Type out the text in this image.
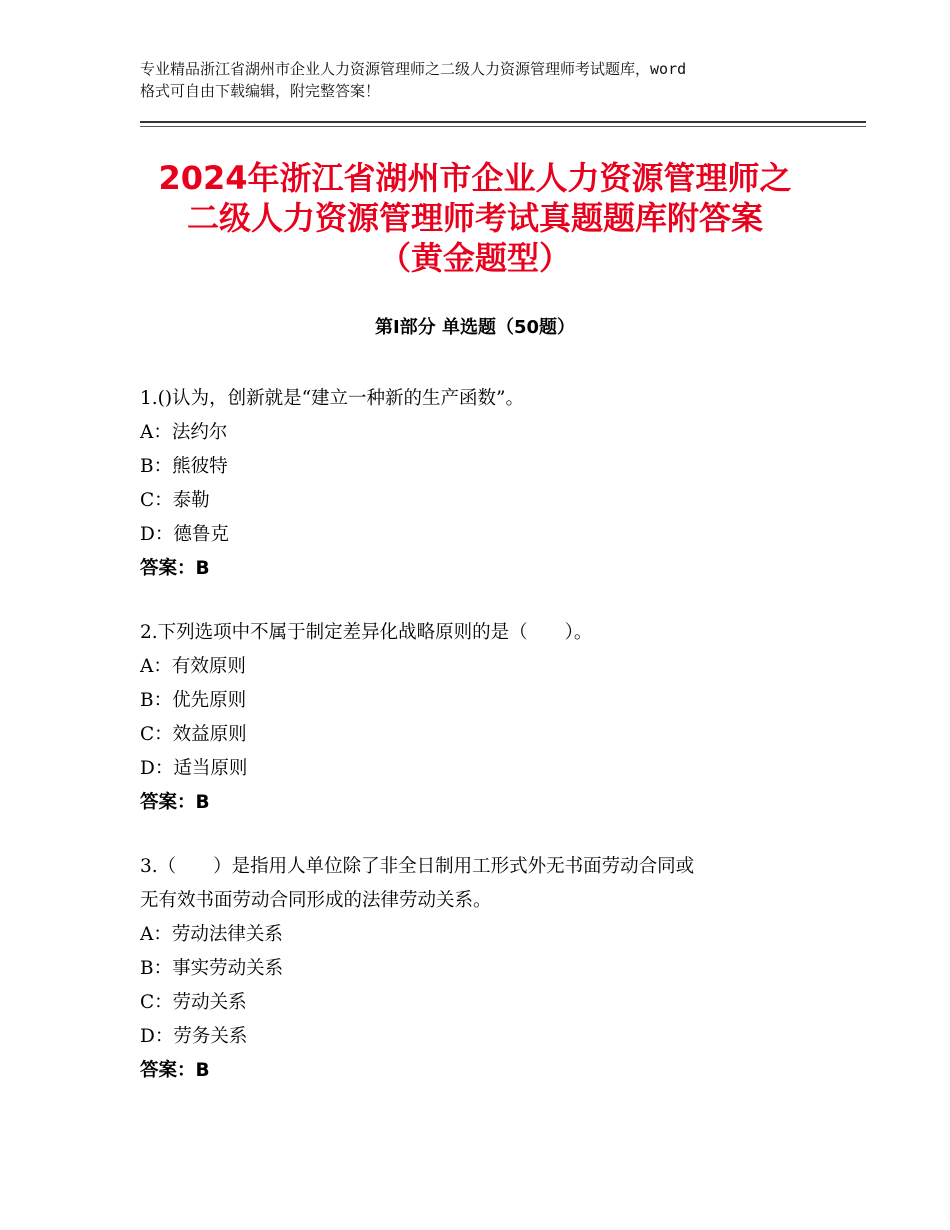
专业精品浙江省湖州市企业人力资源管理师之二级人力资源管理师考试题库，word
格式可自由下载编辑，附完整答案！
2024年浙江省湖州市企业人力资源管理师之
二级人力资源管理师考试真题题库附答案
（黄金题型）
第Ⅰ部分 单选题（50题）
1.()认为，创新就是“建立一种新的生产函数”。
A：法约尔
B：熊彼特
C：泰勒
D：德鲁克
答案：B
2.下列选项中不属于制定差异化战略原则的是（　　）。
A：有效原则
B：优先原则
C：效益原则
D：适当原则
答案：B
3.（　　）是指用人单位除了非全日制用工形式外无书面劳动合同或
无有效书面劳动合同形成的法律劳动关系。
A：劳动法律关系
B：事实劳动关系
C：劳动关系
D：劳务关系
答案：B
